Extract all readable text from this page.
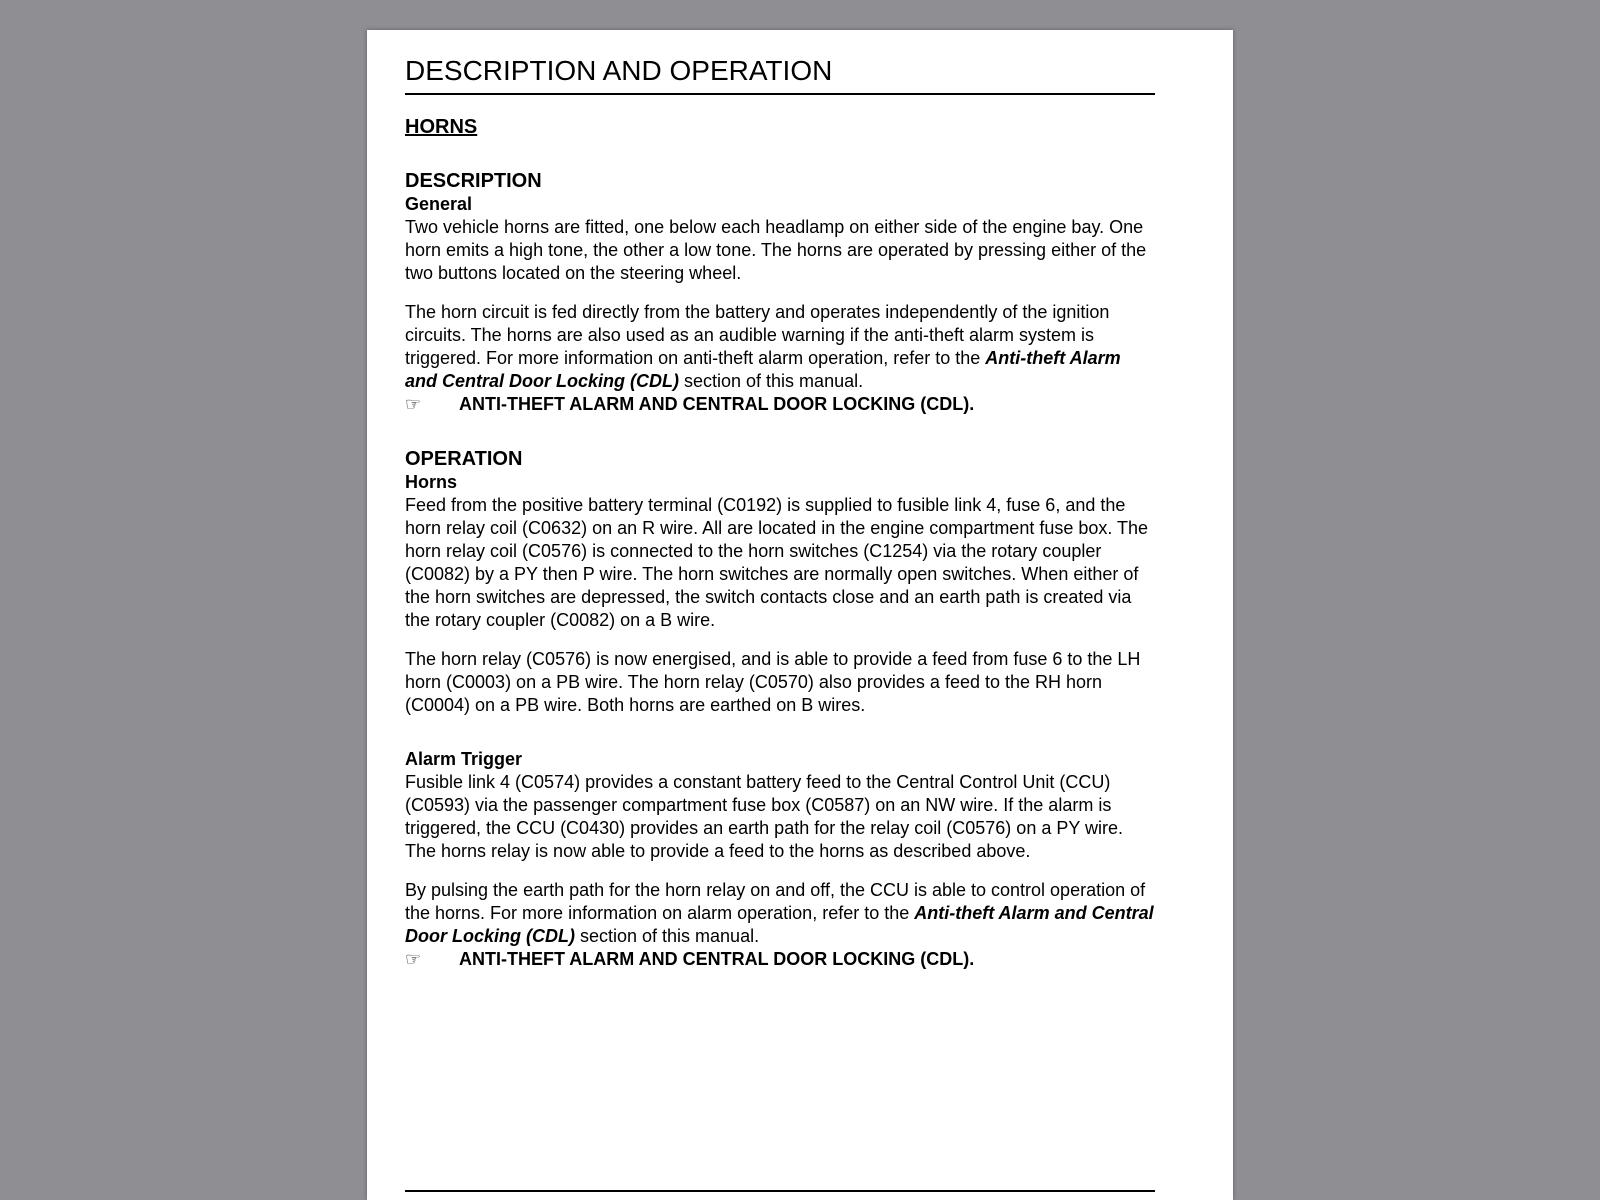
DESCRIPTION AND OPERATION
HORNS
DESCRIPTION
General

Two vehicle horns are fitted, one below each headlamp on either side of the engine bay. One horn emits a high tone, the other a low tone. The horns are operated by pressing either of the two buttons located on the steering wheel.

The horn circuit is fed directly from the battery and operates independently of the ignition circuits. The horns are also used as an audible warning if the anti-theft alarm system is triggered. For more information on anti-theft alarm operation, refer to the Anti-theft Alarm and Central Door Locking (CDL) section of this manual.

☞	ANTI-THEFT ALARM AND CENTRAL DOOR LOCKING (CDL).
OPERATION
Horns

Feed from the positive battery terminal (C0192) is supplied to fusible link 4, fuse 6, and the horn relay coil (C0632) on an R wire. All are located in the engine compartment fuse box. The horn relay coil (C0576) is connected to the horn switches (C1254) via the rotary coupler (C0082) by a PY then P wire. The horn switches are normally open switches. When either of the horn switches are depressed, the switch contacts close and an earth path is created via the rotary coupler (C0082) on a B wire.

The horn relay (C0576) is now energised, and is able to provide a feed from fuse 6 to the LH horn (C0003) on a PB wire. The horn relay (C0570) also provides a feed to the RH horn (C0004) on a PB wire. Both horns are earthed on B wires.

Alarm Trigger

Fusible link 4 (C0574) provides a constant battery feed to the Central Control Unit (CCU) (C0593) via the passenger compartment fuse box (C0587) on an NW wire. If the alarm is triggered, the CCU (C0430) provides an earth path for the relay coil (C0576) on a PY wire. The horns relay is now able to provide a feed to the horns as described above.

By pulsing the earth path for the horn relay on and off, the CCU is able to control operation of the horns. For more information on alarm operation, refer to the Anti-theft Alarm and Central Door Locking (CDL) section of this manual.

☞	ANTI-THEFT ALARM AND CENTRAL DOOR LOCKING (CDL).
